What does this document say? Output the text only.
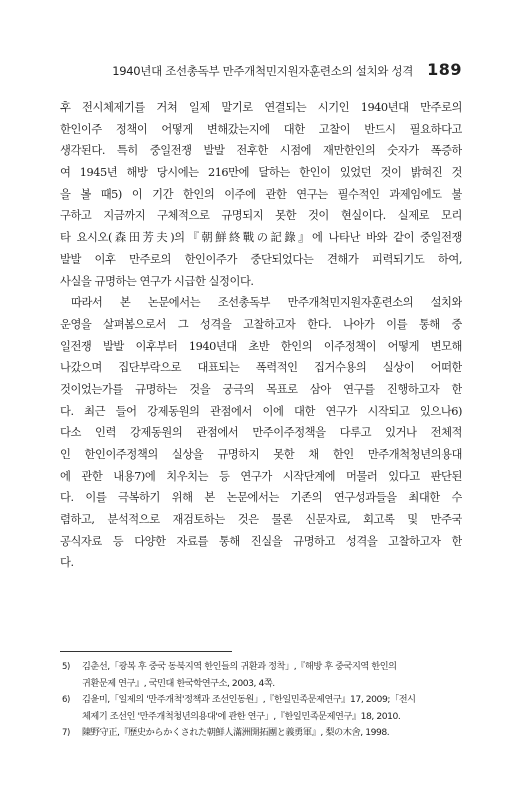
1940년대 조선총독부 만주개척민지원자훈련소의 설치와 성격 189
후 전시체제기를 거쳐 일제 말기로 연결되는 시기인 1940년대 만주로의
한인이주 정책이 어떻게 변해갔는지에 대한 고찰이 반드시 필요하다고
생각된다. 특히 중일전쟁 발발 전후한 시점에 재만한인의 숫자가 폭증하
여 1945년 해방 당시에는 216만에 달하는 한인이 있었던 것이 밝혀진 것
을 볼 때5) 이 기간 한인의 이주에 관한 연구는 필수적인 과제임에도 불
구하고 지금까지 구체적으로 규명되지 못한 것이 현실이다. 실제로 모리
타 요시오(森田芳夫)의『朝鮮終戰の記錄』에 나타난 바와 같이 중일전쟁
발발 이후 만주로의 한인이주가 중단되었다는 견해가 피력되기도 하여,
사실을 규명하는 연구가 시급한 실정이다.
따라서 본 논문에서는 조선총독부 만주개척민지원자훈련소의 설치와
운영을 살펴봄으로서 그 성격을 고찰하고자 한다. 나아가 이를 통해 중
일전쟁 발발 이후부터 1940년대 초반 한인의 이주정책이 어떻게 변모해
나갔으며 집단부락으로 대표되는 폭력적인 집거수용의 실상이 어떠한
것이었는가를 규명하는 것을 궁극의 목표로 삼아 연구를 진행하고자 한
다. 최근 들어 강제동원의 관점에서 이에 대한 연구가 시작되고 있으나6)
다소 인력 강제동원의 관점에서 만주이주정책을 다루고 있거나 전체적
인 한인이주정책의 실상을 규명하지 못한 채 한인 만주개척청년의용대
에 관한 내용7)에 치우치는 등 연구가 시작단계에 머물러 있다고 판단된
다. 이를 극복하기 위해 본 논문에서는 기존의 연구성과들을 최대한 수
렴하고, 분석적으로 재검토하는 것은 물론 신문자료, 회고록 및 만주국
공식자료 등 다양한 자료를 통해 진실을 규명하고 성격을 고찰하고자 한
다.
5)	김춘선,「광복 후 중국 동북지역 한인들의 귀환과 정착」,『해방 후 중국지역 한인의
귀환문제 연구』, 국민대 한국학연구소, 2003, 4쪽.
6)	김윤미,「일제의 '만주개척'정책과 조선인동원」,『한일민족문제연구』17, 2009;「전시
체제기 조선인 '만주개척청년의용대'에 관한 연구」,『한일민족문제연구』18, 2010.
7)	陳野守正,『歷史からかくされた朝鮮人滿洲開拓團と義勇軍』, 梨の木舍, 1998.
